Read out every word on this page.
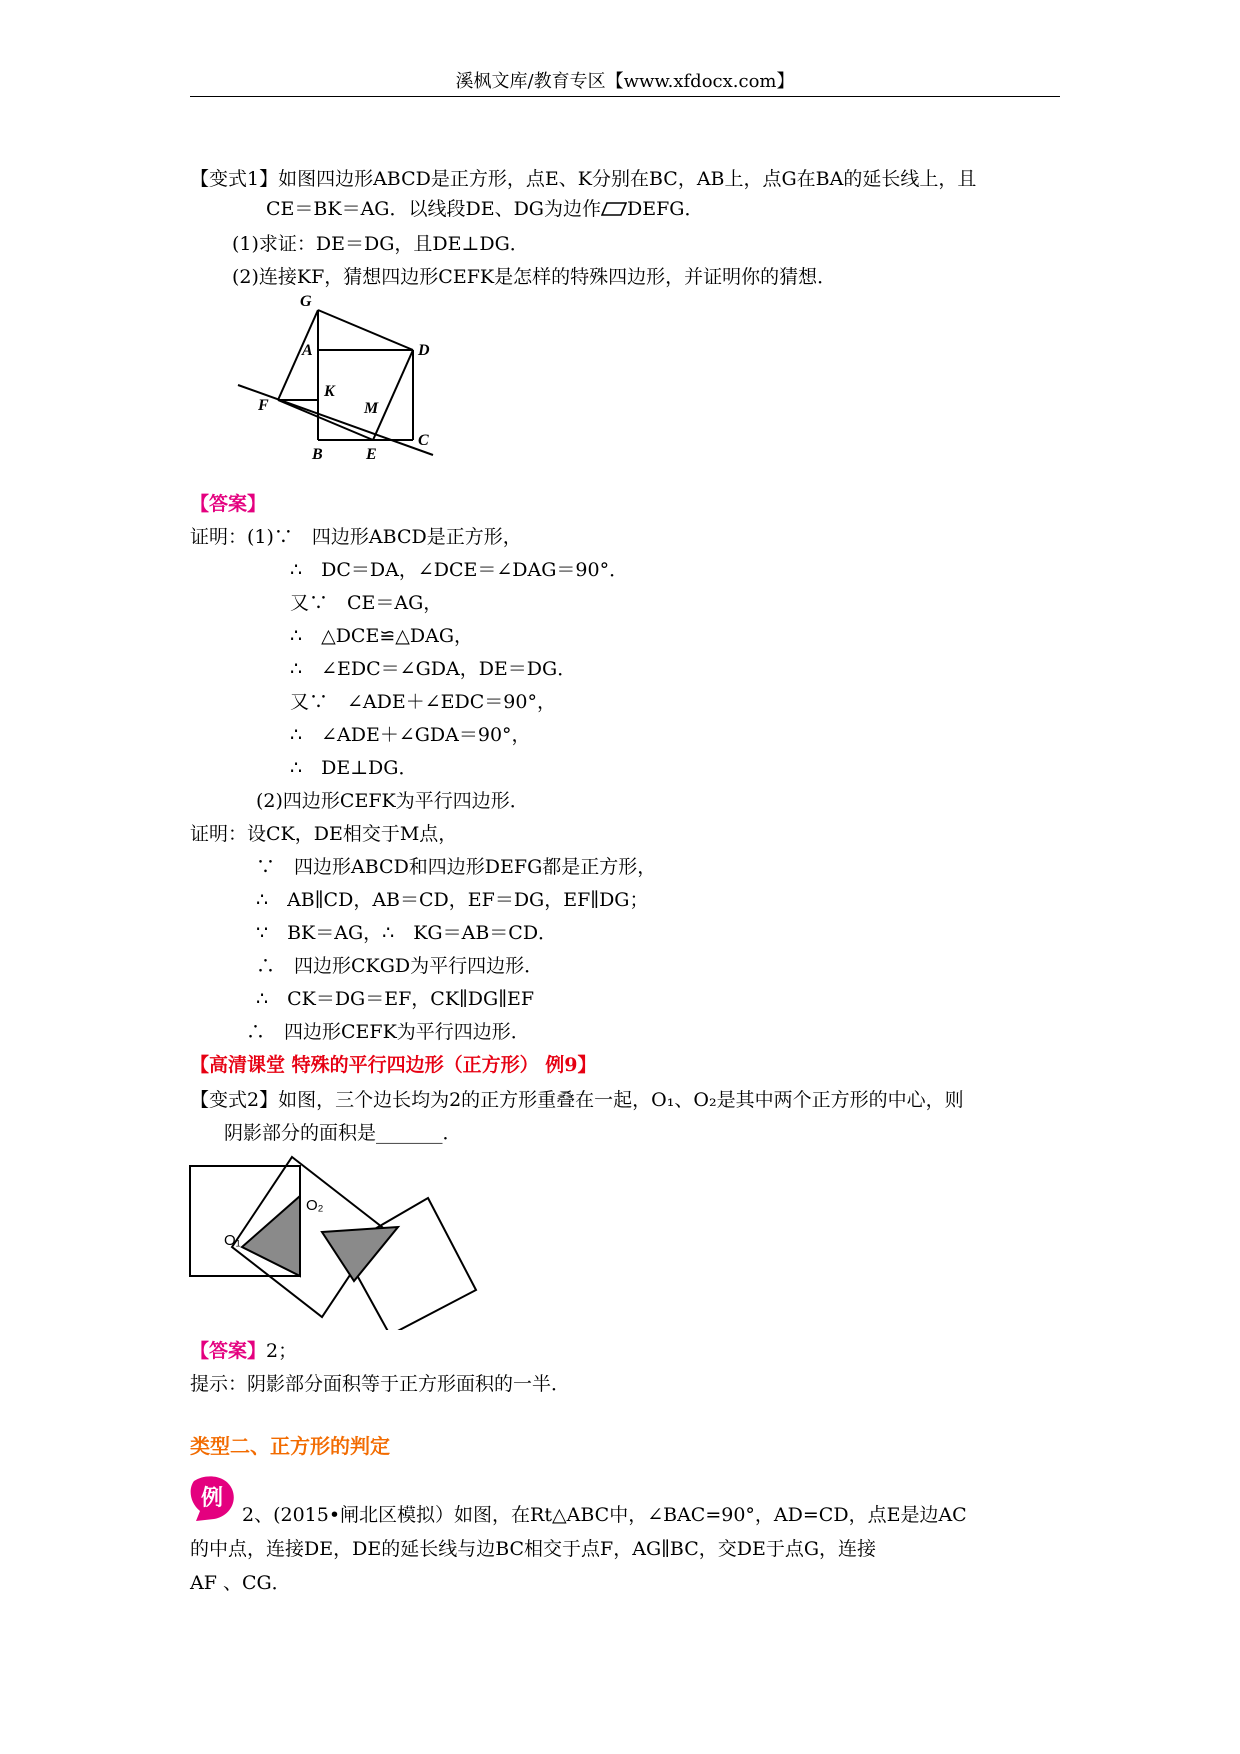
溪枫文库/教育专区【www.xfdocx.com】
【变式1】如图四边形ABCD是正方形，点E、K分别在BC，AB上，点G在BA的延长线上，且
CE＝BK＝AG．以线段DE、DG为边作 DEFG．
(1)求证：DE＝DG，且DE⊥DG．
(2)连接KF，猜想四边形CEFK是怎样的特殊四边形，并证明你的猜想．
G
A	D
K
F	M
B	E
C
【答案】
证明：(1)∵　四边形ABCD是正方形，
∴　DC＝DA，∠DCE＝∠DAG＝90°．
又∵　CE＝AG，
∴　△DCE≌△DAG，
∴　∠EDC＝∠GDA，DE＝DG．
又∵　∠ADE＋∠EDC＝90°，
∴　∠ADE＋∠GDA＝90°，
∴　DE⊥DG．
(2)四边形CEFK为平行四边形．
证明：设CK，DE相交于M点，
∵　四边形ABCD和四边形DEFG都是正方形，
∴　AB∥CD，AB＝CD，EF＝DG，EF∥DG；
∵　BK＝AG，∴　KG＝AB＝CD．
∴　四边形CKGD为平行四边形．
∴　CK＝DG＝EF，CK∥DG∥EF
∴　四边形CEFK为平行四边形．
【高清课堂 特殊的平行四边形（正方形） 例9】
【变式2】如图，三个边长均为2的正方形重叠在一起，O₁、O₂是其中两个正方形的中心，则
阴影部分的面积是_______．
O₁
O₂
【答案】2；
提示：阴影部分面积等于正方形面积的一半．
类型二、正方形的判定
例
2、(2015•闸北区模拟）如图，在Rt△ABC中，∠BAC=90°，AD=CD，点E是边AC
的中点，连接DE，DE的延长线与边BC相交于点F，AG∥BC，交DE于点G，连接
AF 、CG．
